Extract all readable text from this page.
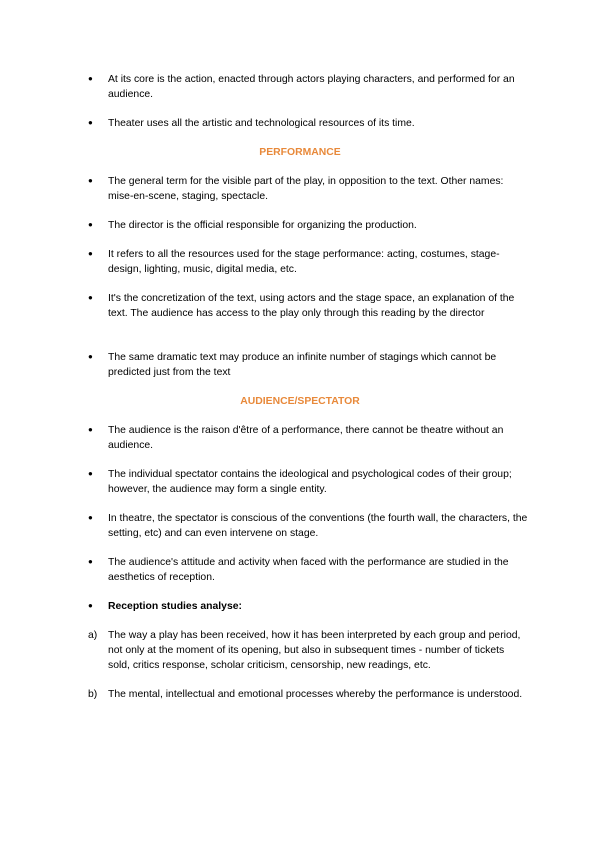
●
At its core is the action, enacted through actors playing characters, and performed for an audience.
●
Theater uses all the artistic and technological resources of its time.
PERFORMANCE
●
The general term for the visible part of the play, in opposition to the text. Other names: mise-en-scene, staging, spectacle.
●
The director is the official responsible for organizing the production.
●
It refers to all the resources used for the stage performance: acting, costumes, stage-design, lighting, music, digital media, etc.
●
It's the concretization of the text, using actors and the stage space, an explanation of the text. The audience has access to the play only through this reading by the director
●
The same dramatic text may produce an infinite number of stagings which cannot be predicted just from the text
AUDIENCE/SPECTATOR
●
The audience is the raison d'être of a performance, there cannot be theatre without an audience.
●
The individual spectator contains the ideological and psychological codes of their group; however, the audience may form a single entity.
●
In theatre, the spectator is conscious of the conventions (the fourth wall, the characters, the setting, etc) and can even intervene on stage.
●
The audience's attitude and activity when faced with the performance are studied in the aesthetics of reception.
●
Reception studies analyse:
a)	The way a play has been received, how it has been interpreted by each group and period, not only at the moment of its opening, but also in subsequent times - number of tickets sold, critics response, scholar criticism, censorship, new readings, etc.
b)	The mental, intellectual and emotional processes whereby the performance is understood.
